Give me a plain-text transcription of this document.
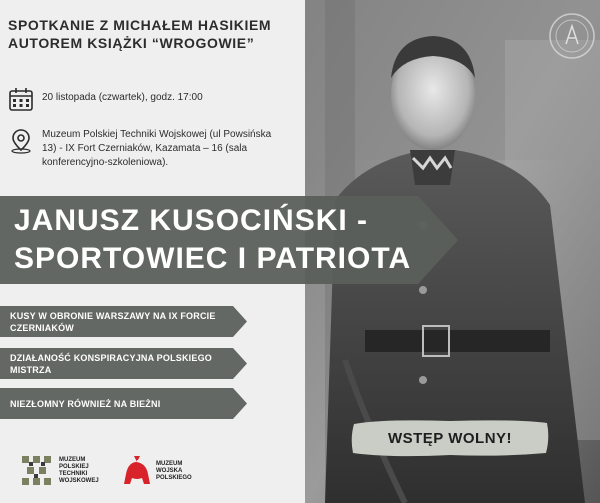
SPOTKANIE Z MICHAŁEM HASIKIEM
AUTOREM KSIĄŻKI “WROGOWIE”
20 listopada (czwartek), godz. 17:00
Muzeum Polskiej Techniki Wojskowej (ul Powsińska
13) - IX Fort Czerniaków, Kazamata – 16 (sala
konferencyjno-szkoleniowa).
JANUSZ KUSOCIŃSKI -
SPORTOWIEC I PATRIOTA
KUSY W OBRONIE WARSZAWY NA IX FORCIE
CZERNIAKÓW
DZIAŁANOŚĆ KONSPIRACYJNA POLSKIEGO
MISTRZA
NIEZŁOMNY RÓWNIEŻ NA BIEŻNI
WSTĘP WOLNY!
MUZEUM
POLSKIEJ
TECHNIKI
WOJSKOWEJ
MUZEUM
WOJSKA
POLSKIEGO
